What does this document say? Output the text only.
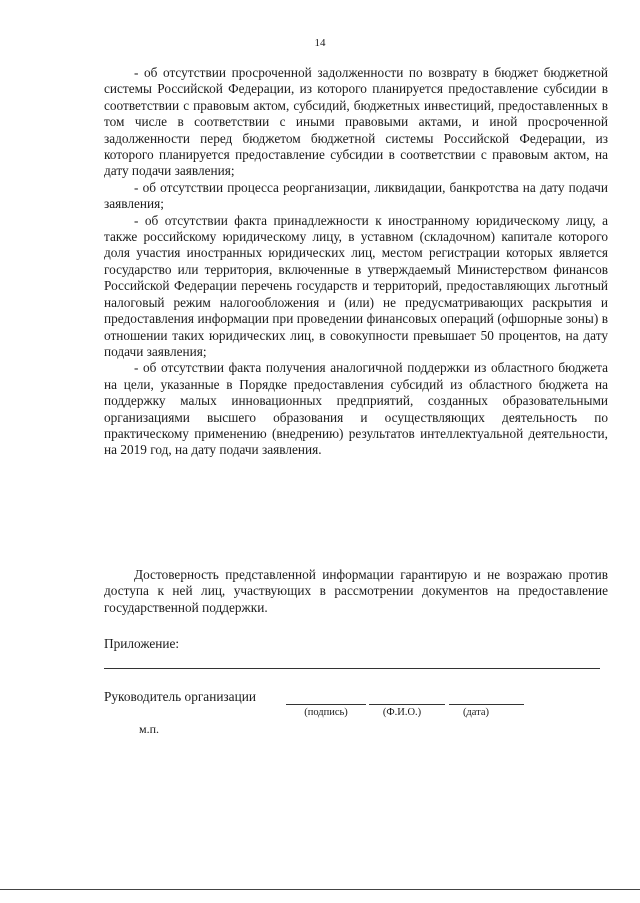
14

- об отсутствии просроченной задолженности по возврату в бюджет бюджетной системы Российской Федерации, из которого планируется предоставление субсидии в соответствии с правовым актом, субсидий, бюджетных инвестиций, предоставленных в том числе в соответствии с иными правовыми актами, и иной просроченной задолженности перед бюджетом бюджетной системы Российской Федерации, из которого планируется предоставление субсидии в соответствии с правовым актом, на дату подачи заявления;

- об отсутствии процесса реорганизации, ликвидации, банкротства на дату подачи заявления;

- об отсутствии факта принадлежности к иностранному юридическому лицу, а также российскому юридическому лицу, в уставном (складочном) капитале которого доля участия иностранных юридических лиц, местом регистрации которых является государство или территория, включенные в утверждаемый Министерством финансов Российской Федерации перечень государств и территорий, предоставляющих льготный налоговый режим налогообложения и (или) не предусматривающих раскрытия и предоставления информации при проведении финансовых операций (офшорные зоны) в отношении таких юридических лиц, в совокупности превышает 50 процентов, на дату подачи заявления;

- об отсутствии факта получения аналогичной поддержки из областного бюджета на цели, указанные в Порядке предоставления субсидий из областного бюджета на поддержку малых инновационных предприятий, созданных образовательными организациями высшего образования и осуществляющих деятельность по практическому применению (внедрению) результатов интеллектуальной деятельности, на 2019 год, на дату подачи заявления.

Достоверность представленной информации гарантирую и не возражаю против доступа к ней лиц, участвующих в рассмотрении документов на предоставление государственной поддержки.

Приложение:
Руководитель организации
(подпись)	(Ф.И.О.)	(дата)
м.п.
